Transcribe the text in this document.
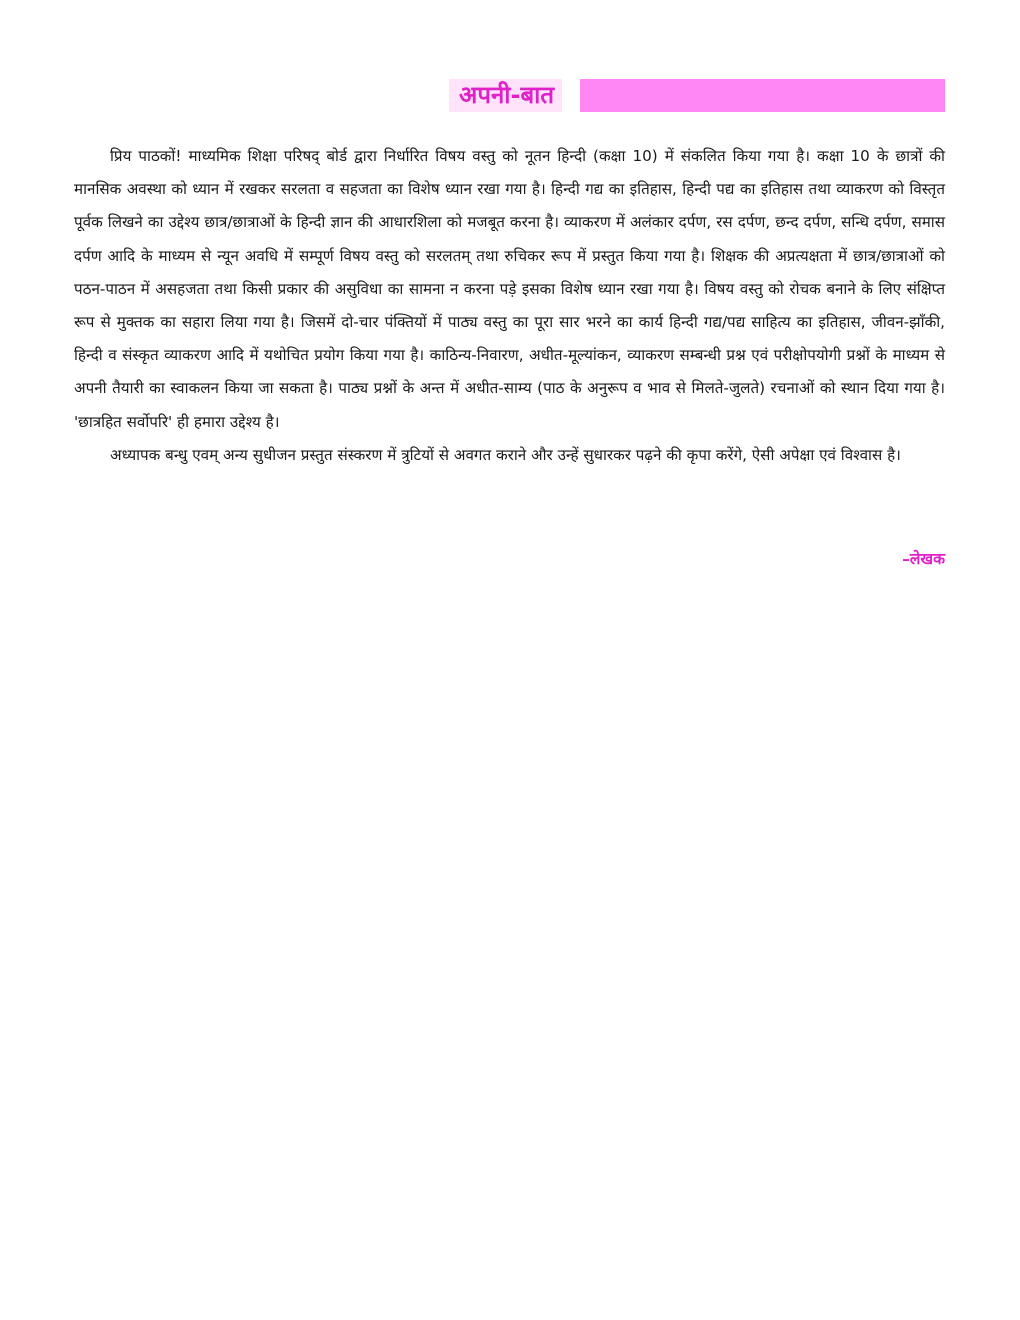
अपनी-बात

प्रिय पाठकों! माध्यमिक शिक्षा परिषद् बोर्ड द्वारा निर्धारित विषय वस्तु को नूतन हिन्दी (कक्षा 10) में संकलित किया गया है। कक्षा 10 के छात्रों की मानसिक अवस्था को ध्यान में रखकर सरलता व सहजता का विशेष ध्यान रखा गया है। हिन्दी गद्य का इतिहास, हिन्दी पद्य का इतिहास तथा व्याकरण को विस्तृत पूर्वक लिखने का उद्देश्य छात्र/छात्राओं के हिन्दी ज्ञान की आधारशिला को मजबूत करना है। व्याकरण में अलंकार दर्पण, रस दर्पण, छन्द दर्पण, सन्धि दर्पण, समास दर्पण आदि के माध्यम से न्यून अवधि में सम्पूर्ण विषय वस्तु को सरलतम् तथा रुचिकर रूप में प्रस्तुत किया गया है। शिक्षक की अप्रत्यक्षता में छात्र/छात्राओं को पठन-पाठन में असहजता तथा किसी प्रकार की असुविधा का सामना न करना पड़े इसका विशेष ध्यान रखा गया है। विषय वस्तु को रोचक बनाने के लिए संक्षिप्त रूप से मुक्तक का सहारा लिया गया है। जिसमें दो-चार पंक्तियों में पाठ्य वस्तु का पूरा सार भरने का कार्य हिन्दी गद्य/पद्य साहित्य का इतिहास, जीवन-झाँकी, हिन्दी व संस्कृत व्याकरण आदि में यथोचित प्रयोग किया गया है। काठिन्य-निवारण, अधीत-मूल्यांकन, व्याकरण सम्बन्धी प्रश्न एवं परीक्षोपयोगी प्रश्नों के माध्यम से अपनी तैयारी का स्वाकलन किया जा सकता है। पाठ्य प्रश्नों के अन्त में अधीत-साम्य (पाठ के अनुरूप व भाव से मिलते-जुलते) रचनाओं को स्थान दिया गया है। 'छात्रहित सर्वोपरि' ही हमारा उद्देश्य है।

अध्यापक बन्धु एवम् अन्य सुधीजन प्रस्तुत संस्करण में त्रुटियों से अवगत कराने और उन्हें सुधारकर पढ़ने की कृपा करेंगे, ऐसी अपेक्षा एवं विश्वास है।

–लेखक
